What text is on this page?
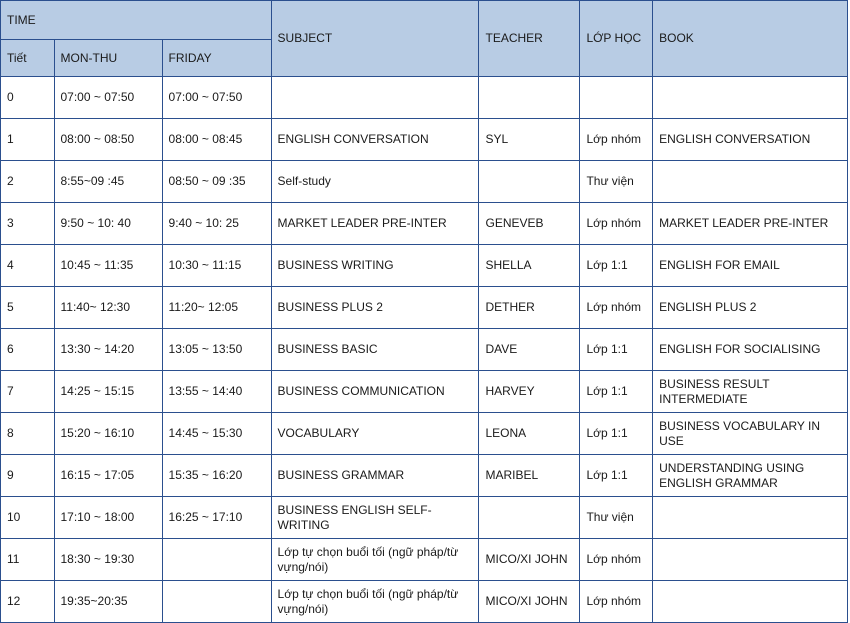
TIME			SUBJECT	TEACHER	LỚP HỌC	BOOK
Tiết	MON-THU	FRIDAY				
0	07:00 ~ 07:50	07:00 ~ 07:50				
1	08:00 ~ 08:50	08:00 ~ 08:45	ENGLISH CONVERSATION	SYL	Lớp nhóm	ENGLISH CONVERSATION
2	8:55~09 :45	08:50 ~ 09 :35	Self-study		Thư viện	
3	9:50 ~ 10: 40	9:40 ~ 10: 25	MARKET LEADER PRE-INTER	GENEVEB	Lớp nhóm	MARKET LEADER PRE-INTER
4	10:45 ~ 11:35	10:30 ~ 11:15	BUSINESS WRITING	SHELLA	Lớp 1:1	ENGLISH FOR EMAIL
5	11:40~ 12:30	11:20~ 12:05	BUSINESS PLUS 2	DETHER	Lớp nhóm	ENGLISH PLUS 2
6	13:30 ~ 14:20	13:05 ~ 13:50	BUSINESS BASIC	DAVE	Lớp 1:1	ENGLISH FOR SOCIALISING
7	14:25 ~ 15:15	13:55 ~ 14:40	BUSINESS COMMUNICATION	HARVEY	Lớp 1:1	BUSINESS RESULT INTERMEDIATE
8	15:20 ~ 16:10	14:45 ~ 15:30	VOCABULARY	LEONA	Lớp 1:1	BUSINESS VOCABULARY IN USE
9	16:15 ~ 17:05	15:35 ~ 16:20	BUSINESS GRAMMAR	MARIBEL	Lớp 1:1	UNDERSTANDING USING ENGLISH GRAMMAR
10	17:10 ~ 18:00	16:25 ~ 17:10	BUSINESS ENGLISH SELF-WRITING		Thư viện	
11	18:30 ~ 19:30		Lớp tự chọn buổi tối (ngữ pháp/từ vựng/nói)	MICO/XI JOHN	Lớp nhóm	
12	19:35~20:35		Lớp tự chọn buổi tối (ngữ pháp/từ vựng/nói)	MICO/XI JOHN	Lớp nhóm	
